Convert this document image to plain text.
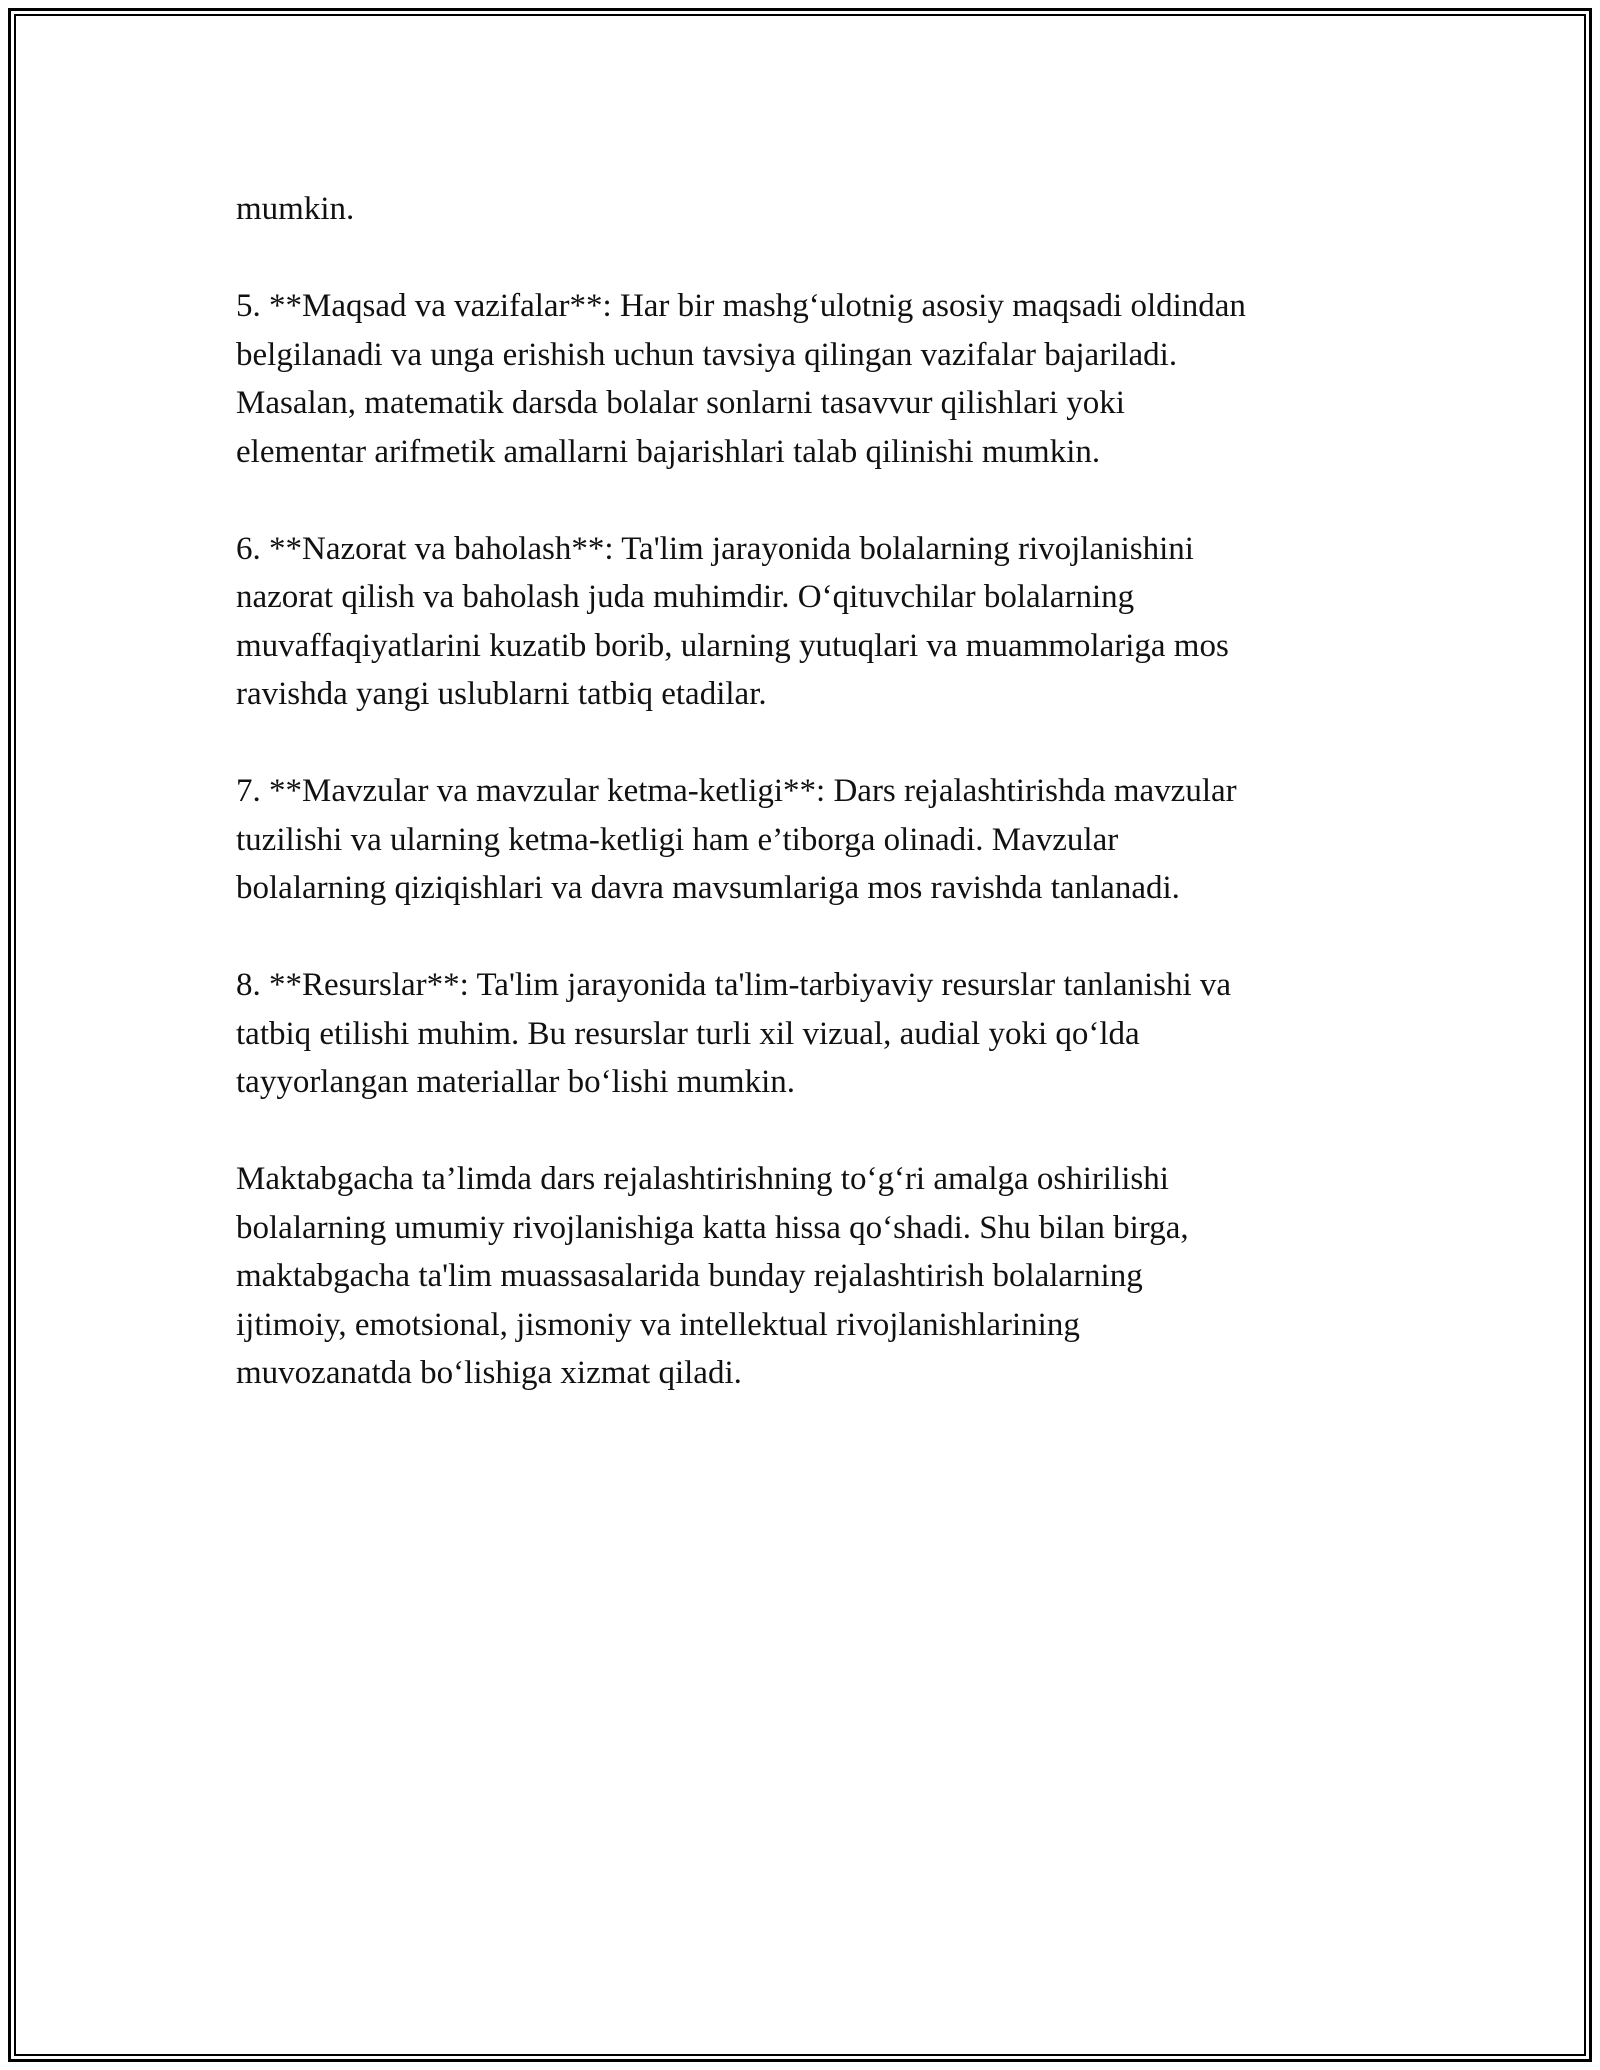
mumkin.

5. **Maqsad va vazifalar**: Har bir mashg‘ulotnig asosiy maqsadi oldindan
belgilanadi va unga erishish uchun tavsiya qilingan vazifalar bajariladi.
Masalan, matematik darsda bolalar sonlarni tasavvur qilishlari yoki
elementar arifmetik amallarni bajarishlari talab qilinishi mumkin.

6. **Nazorat va baholash**: Ta'lim jarayonida bolalarning rivojlanishini
nazorat qilish va baholash juda muhimdir. O‘qituvchilar bolalarning
muvaffaqiyatlarini kuzatib borib, ularning yutuqlari va muammolariga mos
ravishda yangi uslublarni tatbiq etadilar.

7. **Mavzular va mavzular ketma-ketligi**: Dars rejalashtirishda mavzular
tuzilishi va ularning ketma-ketligi ham e’tiborga olinadi. Mavzular
bolalarning qiziqishlari va davra mavsumlariga mos ravishda tanlanadi.

8. **Resurslar**: Ta'lim jarayonida ta'lim-tarbiyaviy resurslar tanlanishi va
tatbiq etilishi muhim. Bu resurslar turli xil vizual, audial yoki qo‘lda
tayyorlangan materiallar bo‘lishi mumkin.

Maktabgacha ta’limda dars rejalashtirishning to‘g‘ri amalga oshirilishi
bolalarning umumiy rivojlanishiga katta hissa qo‘shadi. Shu bilan birga,
maktabgacha ta'lim muassasalarida bunday rejalashtirish bolalarning
ijtimoiy, emotsional, jismoniy va intellektual rivojlanishlarining
muvozanatda bo‘lishiga xizmat qiladi.
